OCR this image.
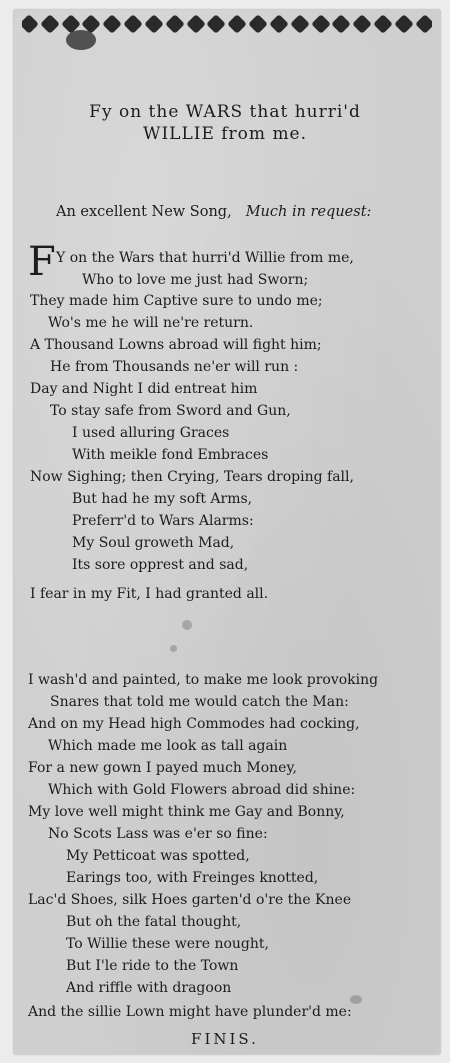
Fy on the WARS that hurri'd
WILLIE from me.
An excellent New Song, Much in request:
F Y on the Wars that hurri'd Willie from me,
Who to love me just had Sworn;
They made him Captive sure to undo me;
Wo's me he will ne're return.
A Thousand Lowns abroad will fight him;
He from Thousands ne'er will run :
Day and Night I did entreat him
To stay safe from Sword and Gun,
I used alluring Graces
With meikle fond Embraces
Now Sighing; then Crying, Tears droping fall,
But had he my soft Arms,
Preferr'd to Wars Alarms:
My Soul groweth Mad,
Its sore opprest and sad,
I fear in my Fit, I had granted all.
I wash'd and painted, to make me look provoking
Snares that told me would catch the Man:
And on my Head high Commodes had cocking,
Which made me look as tall again
For a new gown I payed much Money,
Which with Gold Flowers abroad did shine:
My love well might think me Gay and Bonny,
No Scots Lass was e'er so fine:
My Petticoat was spotted,
Earings too, with Freinges knotted,
Lac'd Shoes, silk Hoes garten'd o're the Knee
But oh the fatal thought,
To Willie these were nought,
But I'le ride to the Town
And riffle with dragoon
And the sillie Lown might have plunder'd me:
FINIS.
